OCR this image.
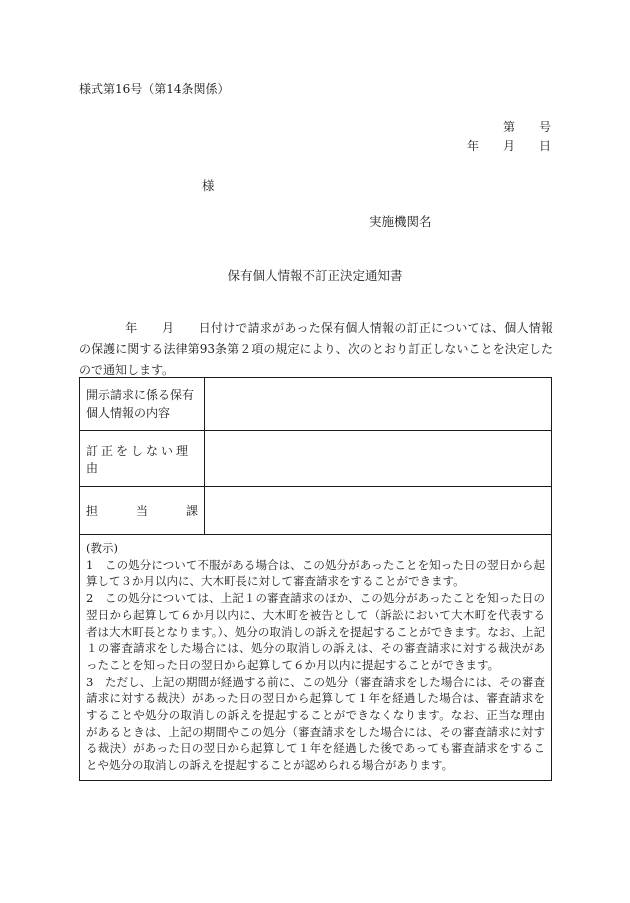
様式第16号（第14条関係）
第　　号
年　　月　　日
様
実施機関名
保有個人情報不訂正決定通知書
年　　月　　日付けで請求があった保有個人情報の訂正については、個人情報の保護に関する法律第93条第２項の規定により、次のとおり訂正しないことを決定したので通知します。
開示請求に係る保有個人情報の内容	
訂正をしない理由	

担 当 課	

(教示)

1　この処分について不服がある場合は、この処分があったことを知った日の翌日から起算して３か月以内に、大木町長に対して審査請求をすることができます。

2　この処分については、上記１の審査請求のほか、この処分があったことを知った日の翌日から起算して６か月以内に、大木町を被告として（訴訟において大木町を代表する者は大木町長となります。）、処分の取消しの訴えを提起することができます。なお、上記１の審査請求をした場合には、処分の取消しの訴えは、その審査請求に対する裁決があったことを知った日の翌日から起算して６か月以内に提起することができます。

3　ただし、上記の期間が経過する前に、この処分（審査請求をした場合には、その審査請求に対する裁決）があった日の翌日から起算して１年を経過した場合は、審査請求をすることや処分の取消しの訴えを提起することができなくなります。なお、正当な理由があるときは、上記の期間やこの処分（審査請求をした場合には、その審査請求に対する裁決）があった日の翌日から起算して１年を経過した後であっても審査請求をすることや処分の取消しの訴えを提起することが認められる場合があります。	
